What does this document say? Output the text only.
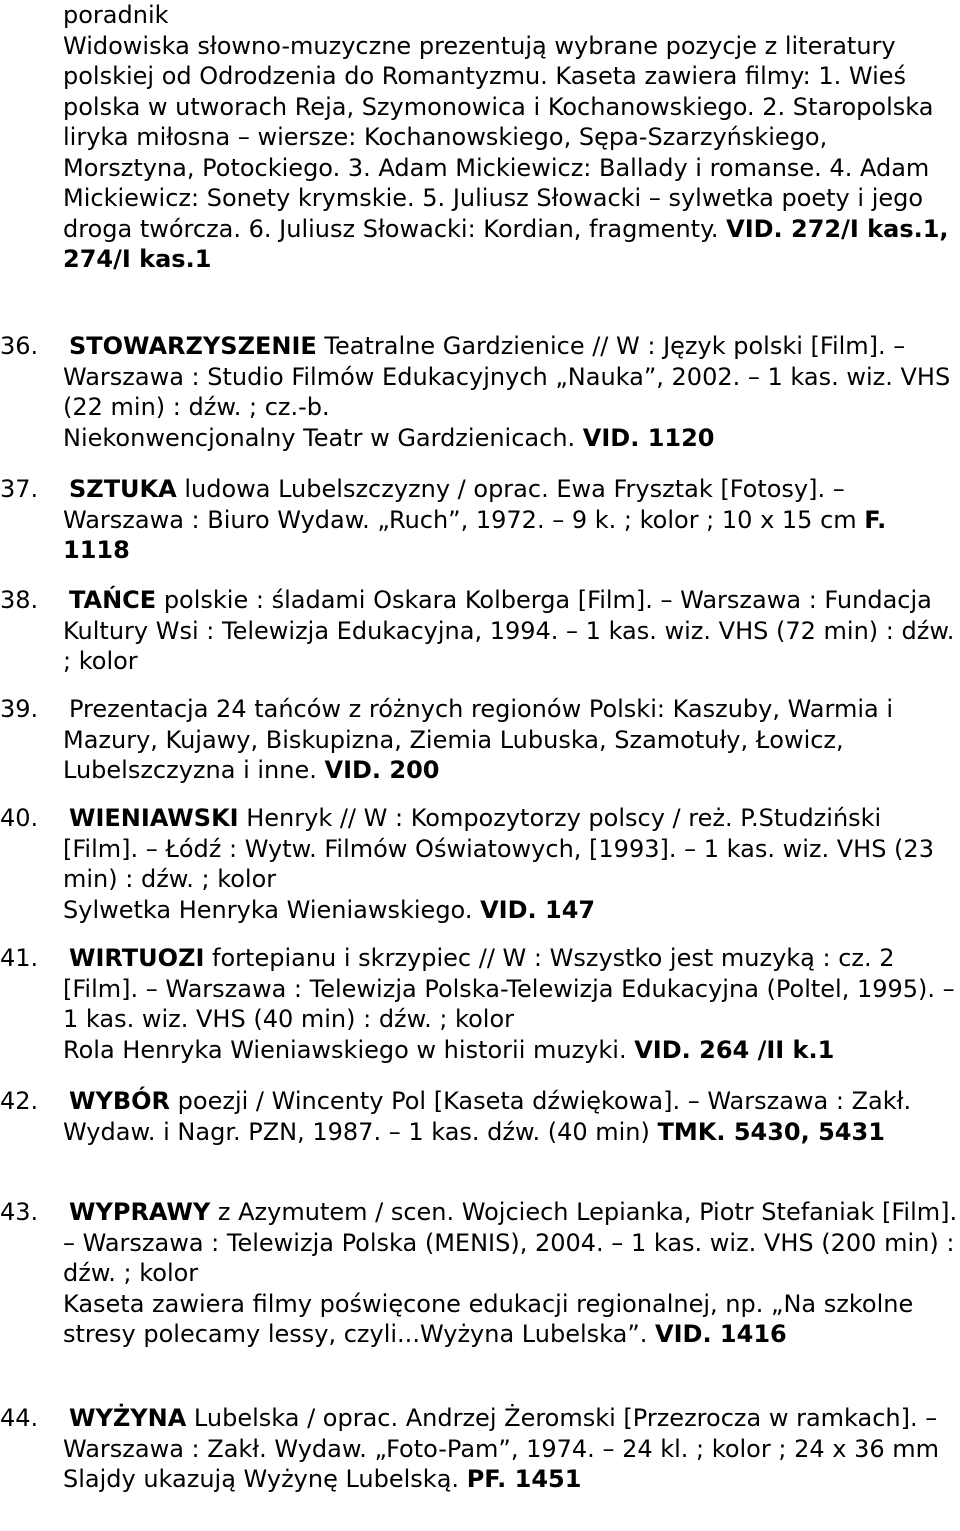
poradnik
Widowiska słowno-muzyczne prezentują wybrane pozycje z literatury polskiej od Odrodzenia do Romantyzmu. Kaseta zawiera filmy: 1. Wieś polska w utworach Reja, Szymonowica i Kochanowskiego. 2. Staropolska liryka miłosna – wiersze: Kochanowskiego, Sępa-Szarzyńskiego, Morsztyna, Potockiego. 3. Adam Mickiewicz: Ballady i romanse. 4. Adam Mickiewicz: Sonety krymskie. 5. Juliusz Słowacki – sylwetka poety i jego droga twórcza. 6. Juliusz Słowacki: Kordian, fragmenty. VID. 272/I kas.1, 274/I kas.1
36.	STOWARZYSZENIE Teatralne Gardzienice // W : Język polski [Film]. – Warszawa : Studio Filmów Edukacyjnych „Nauka”, 2002. – 1 kas. wiz. VHS (22 min) : dźw. ; cz.-b.
Niekonwencjonalny Teatr w Gardzienicach. VID. 1120
37.	SZTUKA ludowa Lubelszczyzny / oprac. Ewa Frysztak [Fotosy]. – Warszawa : Biuro Wydaw. „Ruch”, 1972. – 9 k. ; kolor ; 10 x 15 cm F. 1118
38.	TAŃCE polskie : śladami Oskara Kolberga [Film]. – Warszawa : Fundacja Kultury Wsi : Telewizja Edukacyjna, 1994. – 1 kas. wiz. VHS (72 min) : dźw. ; kolor
39.	Prezentacja 24 tańców z różnych regionów Polski: Kaszuby, Warmia i Mazury, Kujawy, Biskupizna, Ziemia Lubuska, Szamotuły, Łowicz, Lubelszczyzna i inne. VID. 200
40.	WIENIAWSKI Henryk // W : Kompozytorzy polscy / reż. P.Studziński [Film]. – Łódź : Wytw. Filmów Oświatowych, [1993]. – 1 kas. wiz. VHS (23 min) : dźw. ; kolor
Sylwetka Henryka Wieniawskiego. VID. 147
41.	WIRTUOZI fortepianu i skrzypiec // W : Wszystko jest muzyką : cz. 2 [Film]. – Warszawa : Telewizja Polska-Telewizja Edukacyjna (Poltel, 1995). – 1 kas. wiz. VHS (40 min) : dźw. ; kolor
Rola Henryka Wieniawskiego w historii muzyki. VID. 264 /II k.1
42.	WYBÓR poezji / Wincenty Pol [Kaseta dźwiękowa]. – Warszawa : Zakł. Wydaw. i Nagr. PZN, 1987. – 1 kas. dźw. (40 min) TMK. 5430, 5431
43.	WYPRAWY z Azymutem / scen. Wojciech Lepianka, Piotr Stefaniak [Film]. – Warszawa : Telewizja Polska (MENIS), 2004. – 1 kas. wiz. VHS (200 min) : dźw. ; kolor
Kaseta zawiera filmy poświęcone edukacji regionalnej, np. „Na szkolne stresy polecamy lessy, czyli...Wyżyna Lubelska”. VID. 1416
44.	WYŻYNA Lubelska / oprac. Andrzej Żeromski [Przezrocza w ramkach]. – Warszawa : Zakł. Wydaw. „Foto-Pam”, 1974. – 24 kl. ; kolor ; 24 x 36 mm
Slajdy ukazują Wyżynę Lubelską. PF. 1451
